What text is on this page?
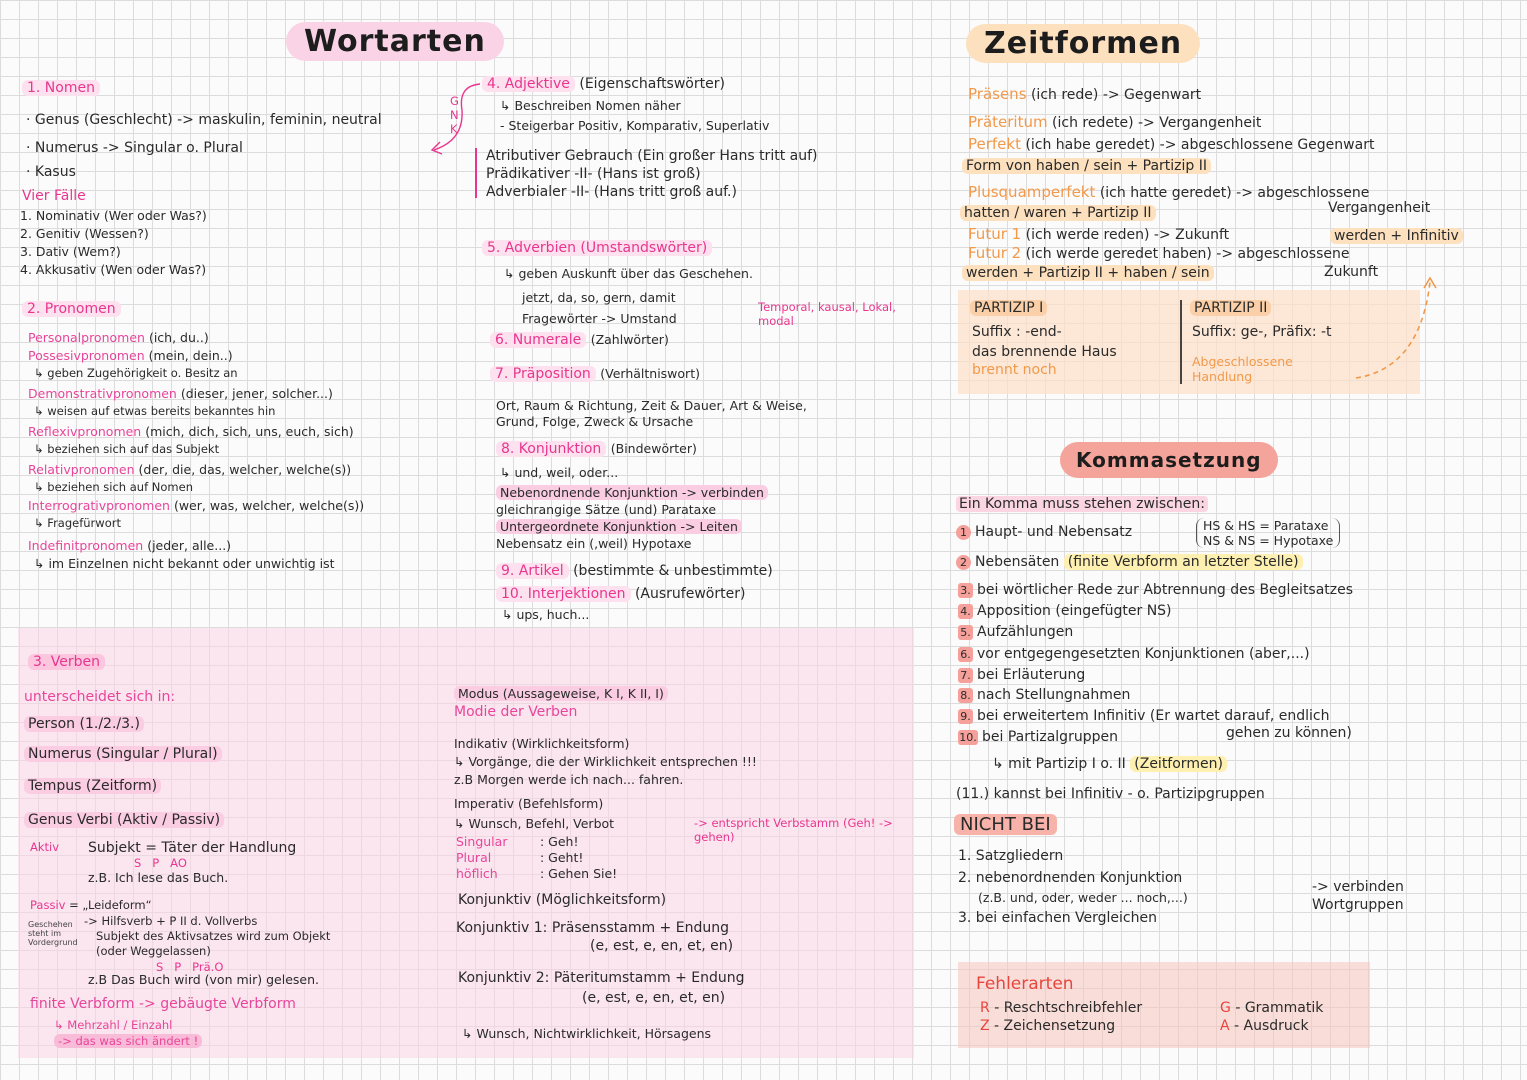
Wortarten
1. Nomen
· Genus (Geschlecht) -> maskulin, feminin, neutral
· Numerus -> Singular o. Plural
· Kasus
G N K
Vier Fälle
1. Nominativ (Wer oder Was?)
2. Genitiv (Wessen?)
3. Dativ (Wem?)
4. Akkusativ (Wen oder Was?)
2. Pronomen
Personalpronomen (ich, du..)
Possesivpronomen (mein, dein..)
↳ geben Zugehörigkeit o. Besitz an
Demonstrativpronomen (dieser, jener, solcher...)
↳ weisen auf etwas bereits bekanntes hin
Reflexivpronomen (mich, dich, sich, uns, euch, sich)
↳ beziehen sich auf das Subjekt
Relativpronomen (der, die, das, welcher, welche(s))
↳ beziehen sich auf Nomen
Interrogrativpronomen (wer, was, welcher, welche(s))
↳ Fragefürwort
Indefinitpronomen (jeder, alle...)
↳ im Einzelnen nicht bekannt oder unwichtig ist
4. Adjektive (Eigenschaftswörter)
↳ Beschreiben Nomen näher
- Steigerbar Positiv, Komparativ, Superlativ
Atributiver Gebrauch (Ein großer Hans tritt auf)
Prädikativer -II- (Hans ist groß)
Adverbialer -II- (Hans tritt groß auf.)
5. Adverbien (Umstandswörter)
↳ geben Auskunft über das Geschehen.
jetzt, da, so, gern, damit
Fragewörter -> Umstand
Temporal, kausal, Lokal, modal
6. Numerale (Zahlwörter)
7. Präposition (Verhältniswort)
Ort, Raum & Richtung, Zeit & Dauer, Art & Weise,
Grund, Folge, Zweck & Ursache
8. Konjunktion (Bindewörter)
↳ und, weil, oder...
Nebenordnende Konjunktion -> verbinden
gleichrangige Sätze (und) Parataxe
Untergeordnete Konjunktion -> Leiten
Nebensatz ein (,weil) Hypotaxe
9. Artikel (bestimmte & unbestimmte)
10. Interjektionen (Ausrufewörter)
↳ ups, huch...
3. Verben
unterscheidet sich in:
Person (1./2./3.)
Numerus (Singular / Plural)
Tempus (Zeitform)
Genus Verbi (Aktiv / Passiv)
Aktiv Subjekt = Täter der Handlung
S   P   AO
z.B. Ich lese das Buch.
Passiv = „Leideform“
-> Hilfsverb + P II d. Vollverbs
Subjekt des Aktivsatzes wird zum Objekt
(oder Weggelassen)
Geschehen steht im Vordergrund
S   P   Prä.O
z.B Das Buch wird (von mir) gelesen.
finite Verbform -> gebäugte Verbform
↳ Mehrzahl / Einzahl
-> das was sich ändert !
Modus (Aussageweise, K I, K II, I)
Modie der Verben
Indikativ (Wirklichkeitsform)
↳ Vorgänge, die der Wirklichkeit entsprechen !!!
z.B Morgen werde ich nach... fahren.
Imperativ (Befehlsform)
↳ Wunsch, Befehl, Verbot	-> entspricht Verbstamm (Geh! -> gehen)
Singular	: Geh!
Plural	: Geht!
höflich	: Gehen Sie!
Konjunktiv (Möglichkeitsform)
Konjunktiv 1: Präsensstamm + Endung
(e, est, e, en, et, en)
Konjunktiv 2: Päteritumstamm + Endung
(e, est, e, en, et, en)
↳ Wunsch, Nichtwirklichkeit, Hörsagens
Zeitformen
Präsens (ich rede) -> Gegenwart
Präteritum (ich redete) -> Vergangenheit
Perfekt (ich habe geredet) -> abgeschlossene Gegenwart
Form von haben / sein + Partizip II
Plusquamperfekt (ich hatte geredet) -> abgeschlossene
Vergangenheit
hatten / waren + Partizip II
Futur 1 (ich werde reden) -> Zukunft	werden + Infinitiv
Futur 2 (ich werde geredet haben) -> abgeschlossene
Zukunft
werden + Partizip II + haben / sein
PARTIZIP I
Suffix : -end-
das brennende Haus
brennt noch
PARTIZIP II
Suffix: ge-, Präfix: -t
Abgeschlossene Handlung
Kommasetzung
Ein Komma muss stehen zwischen:
1 Haupt- und Nebensatz	HS & HS = Parataxe
NS & NS = Hypotaxe
2 Nebensäten (finite Verbform an letzter Stelle)
3. bei wörtlicher Rede zur Abtrennung des Begleitsatzes
4. Apposition (eingefügter NS)
5. Aufzählungen
6. vor entgegengesetzten Konjunktionen (aber,...)
7. bei Erläuterung
8. nach Stellungnahmen
9. bei erweitertem Infinitiv (Er wartet darauf, endlich
gehen zu können)
10. bei Partizalgruppen
↳ mit Partizip I o. II (Zeitformen)
(11.) kannst bei Infinitiv - o. Partizipgruppen
NICHT BEI
1. Satzgliedern
2. nebenordnenden Konjunktion
(z.B. und, oder, weder ... noch,...)
3. bei einfachen Vergleichen
-> verbinden Wortgruppen
Fehlerarten
R - Reschtschreibfehler	G - Grammatik
Z - Zeichensetzung	A - Ausdruck
